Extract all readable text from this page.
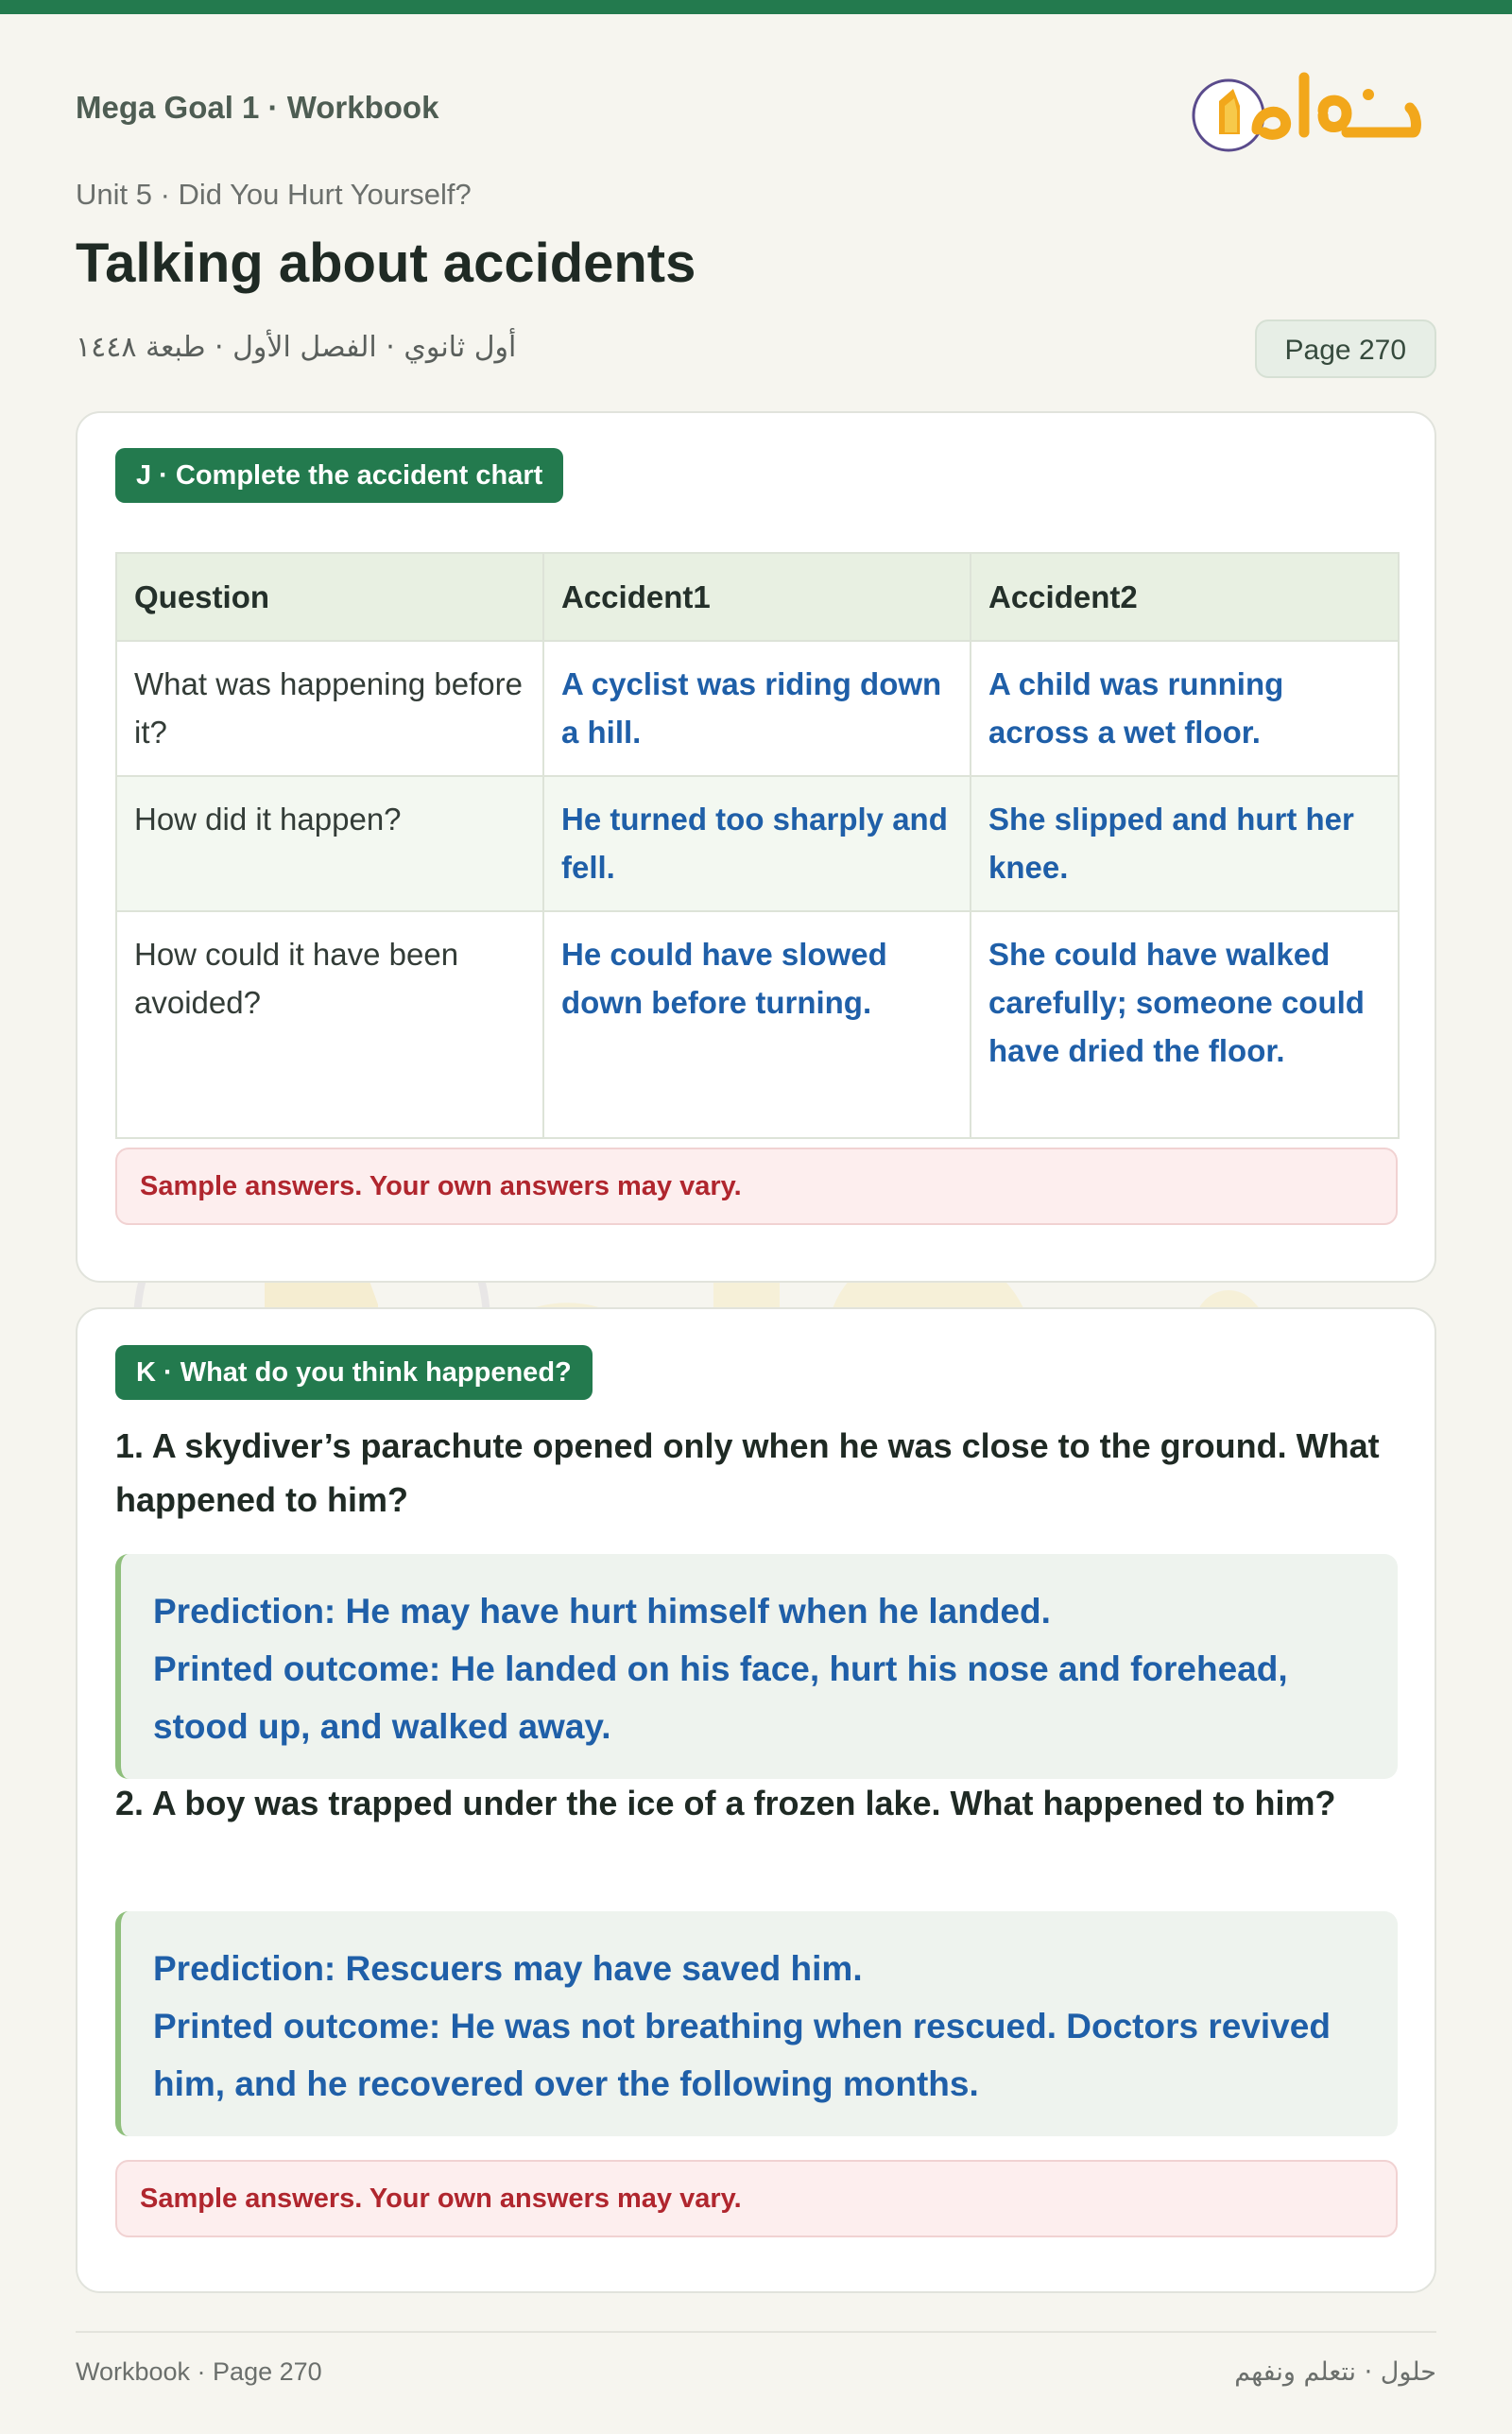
Mega Goal 1 · Workbook
Unit 5 · Did You Hurt Yourself?
Talking about accidents
أول ثانوي · الفصل الأول · طبعة ١٤٤٨	Page 270
J · Complete the accident chart
Question	Accident1	Accident2
What was happening before it?	A cyclist was riding down a hill.	A child was running across a wet floor.
How did it happen?	He turned too sharply and fell.	She slipped and hurt her knee.
How could it have been avoided?	He could have slowed down before turning.	She could have walked carefully; someone could have dried the floor.
Sample answers. Your own answers may vary.
K · What do you think happened?
1. A skydiver’s parachute opened only when he was close to the ground. What happened to him?
Prediction: He may have hurt himself when he landed.
Printed outcome: He landed on his face, hurt his nose and forehead, stood up, and walked away.
2. A boy was trapped under the ice of a frozen lake. What happened to him?
Prediction: Rescuers may have saved him.
Printed outcome: He was not breathing when rescued. Doctors revived him, and he recovered over the following months.
Sample answers. Your own answers may vary.
Workbook · Page 270	حلول · نتعلم ونفهم
